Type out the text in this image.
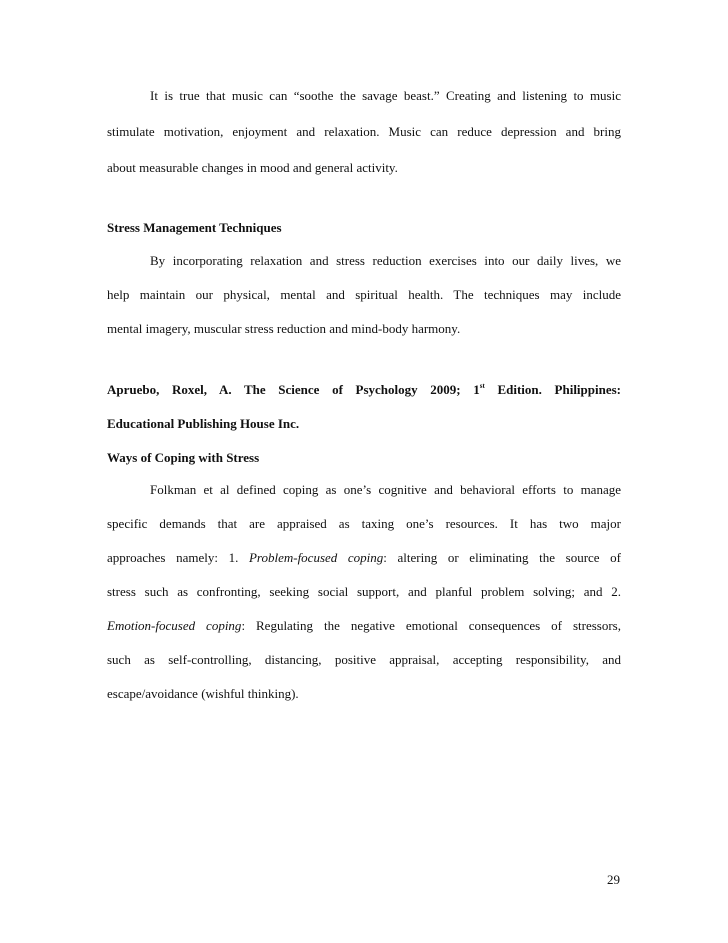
It is true that music can “soothe the savage beast.” Creating and listening to music
stimulate motivation, enjoyment and relaxation. Music can reduce depression and bring
about measurable changes in mood and general activity.
Stress Management Techniques
By incorporating relaxation and stress reduction exercises into our daily lives, we
help maintain our physical, mental and spiritual health. The techniques may include
mental imagery, muscular stress reduction and mind-body harmony.
Apruebo, Roxel, A. The Science of Psychology 2009; 1st Edition. Philippines:
Educational Publishing House Inc.
Ways of Coping with Stress
Folkman et al defined coping as one’s cognitive and behavioral efforts to manage
specific demands that are appraised as taxing one’s resources. It has two major
approaches namely: 1. Problem-focused coping: altering or eliminating the source of
stress such as confronting, seeking social support, and planful problem solving; and 2.
Emotion-focused coping: Regulating the negative emotional consequences of stressors,
such as self-controlling, distancing, positive appraisal, accepting responsibility, and
escape/avoidance (wishful thinking).
29
